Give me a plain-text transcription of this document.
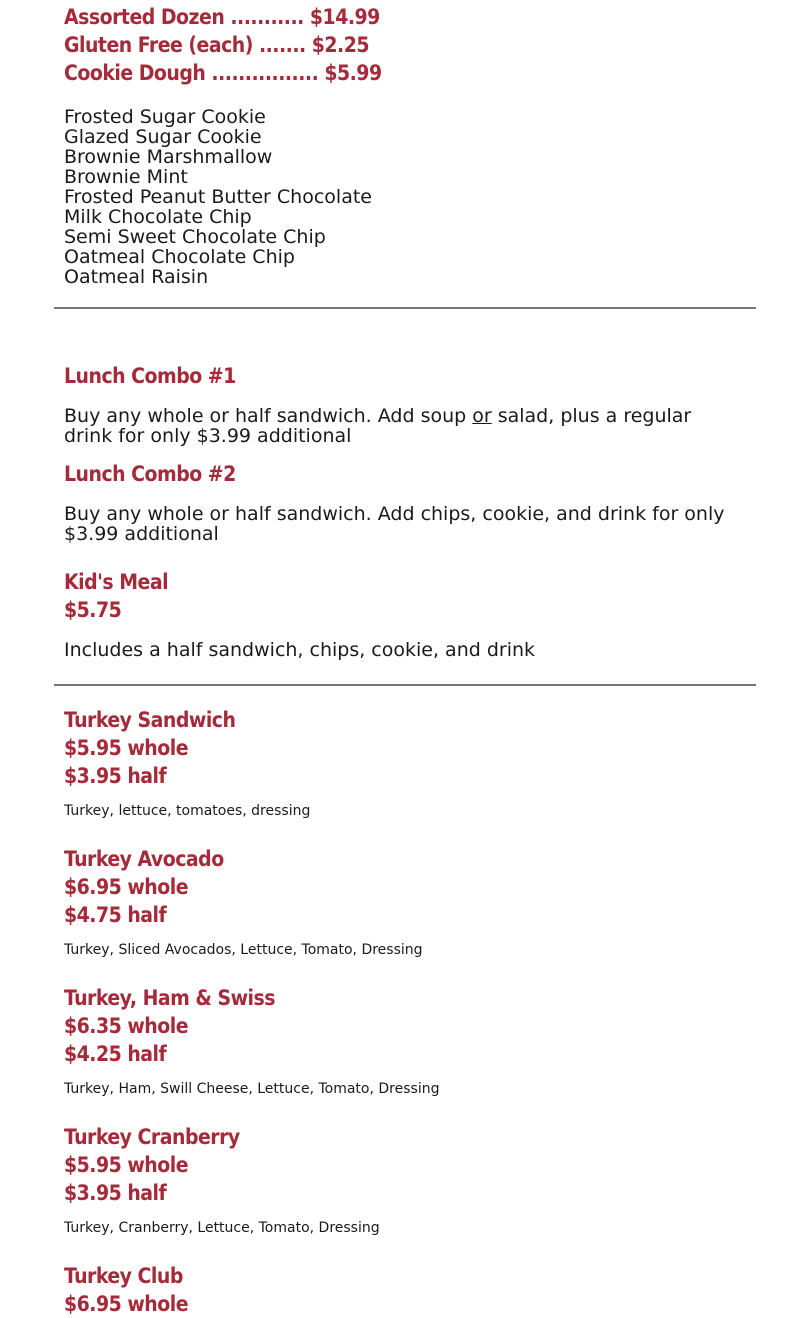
Assorted Dozen ........... $14.99

Gluten Free (each) ....... $2.25

Cookie Dough ................ $5.99

Frosted Sugar Cookie
Glazed Sugar Cookie
Brownie Marshmallow
Brownie Mint
Frosted Peanut Butter Chocolate
Milk Chocolate Chip
Semi Sweet Chocolate Chip
Oatmeal Chocolate Chip
Oatmeal Raisin

Lunch Combo #1

Buy any whole or half sandwich. Add soup or salad, plus a regular drink for only $3.99 additional

Lunch Combo #2

Buy any whole or half sandwich. Add chips, cookie, and drink for only $3.99 additional

Kid's Meal

$5.75

Includes a half sandwich, chips, cookie, and drink

Turkey Sandwich

$5.95 whole

$3.95 half

Turkey, lettuce, tomatoes, dressing

Turkey Avocado

$6.95 whole

$4.75 half

Turkey, Sliced Avocados, Lettuce, Tomato, Dressing

Turkey, Ham & Swiss

$6.35 whole

$4.25 half

Turkey, Ham, Swill Cheese, Lettuce, Tomato, Dressing

Turkey Cranberry

$5.95 whole

$3.95 half

Turkey, Cranberry, Lettuce, Tomato, Dressing

Turkey Club

$6.95 whole
